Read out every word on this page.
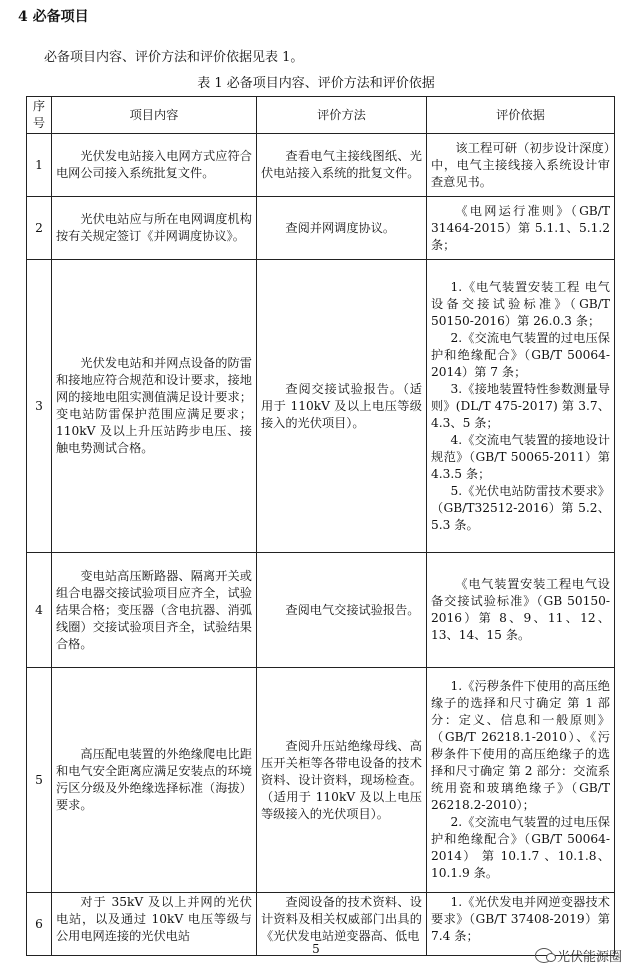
4 必备项目
必备项目内容、评价方法和评价依据见表 1。
表 1 必备项目内容、评价方法和评价依据
序号	项目内容	评价方法	评价依据
1	光伏发电站接入电网方式应符合电网公司接入系统批复文件。	查看电气主接线图纸、光伏电站接入系统的批复文件。	该工程可研（初步设计深度）中，电气主接线接入系统设计审查意见书。

2	光伏电站应与所在电网调度机构按有关规定签订《并网调度协议》。	查阅并网调度协议。	《电网运行准则》（GB/T 31464-2015）第 5.1.1、5.1.2 条；

3	光伏发电站和并网点设备的防雷和接地应符合规范和设计要求，接地网的接地电阻实测值满足设计要求；变电站防雷保护范围应满足要求；110kV 及以上升压站跨步电压、接触电势测试合格。	查阅交接试验报告。（适用于 110kV 及以上电压等级接入的光伏项目）。	1.《电气装置安装工程 电气设备交接试验标准》（GB/T 50150-2016）第 26.0.3 条；
2.《交流电气装置的过电压保护和绝缘配合》（GB/T 50064-2014）第 7 条；
3.《接地装置特性参数测量导则》(DL/T 475-2017) 第 3.7、4.3、5 条；
4.《交流电气装置的接地设计规范》（GB/T 50065-2011）第 4.3.5 条；
5.《光伏电站防雷技术要求》（GB/T32512-2016）第 5.2、5.3 条。

4	变电站高压断路器、隔离开关或组合电器交接试验项目应齐全，试验结果合格；变压器（含电抗器、消弧线圈）交接试验项目齐全，试验结果合格。	查阅电气交接试验报告。	《电气装置安装工程电气设备交接试验标准》（GB 50150-2016）第 8、9、11、12、13、14、15 条。

5	高压配电装置的外绝缘爬电比距和电气安全距离应满足安装点的环境污区分级及外绝缘选择标准（海拔）要求。	查阅升压站绝缘母线、高压开关柜等各带电设备的技术资料、设计资料，现场检查。（适用于 110kV 及以上电压等级接入的光伏项目）。	1.《污秽条件下使用的高压绝缘子的选择和尺寸确定 第 1 部分：定义、信息和一般原则》（GB/T 26218.1-2010）、《污秽条件下使用的高压绝缘子的选择和尺寸确定 第 2 部分：交流系统用瓷和玻璃绝缘子》（GB/T 26218.2-2010）；
2.《交流电气装置的过电压保护和绝缘配合》（GB/T 50064-2014） 第 10.1.7 、10.1.8、10.1.9 条。

6	对于 35kV 及以上并网的光伏电站，以及通过 10kV 电压等级与公用电网连接的光伏电站	查阅设备的技术资料、设计资料及相关权威部门出具的《光伏发电站逆变器高、低电	1.《光伏发电并网逆变器技术要求》（GB/T 37408-2019）第 7.4 条；
5
光伏能源圈
